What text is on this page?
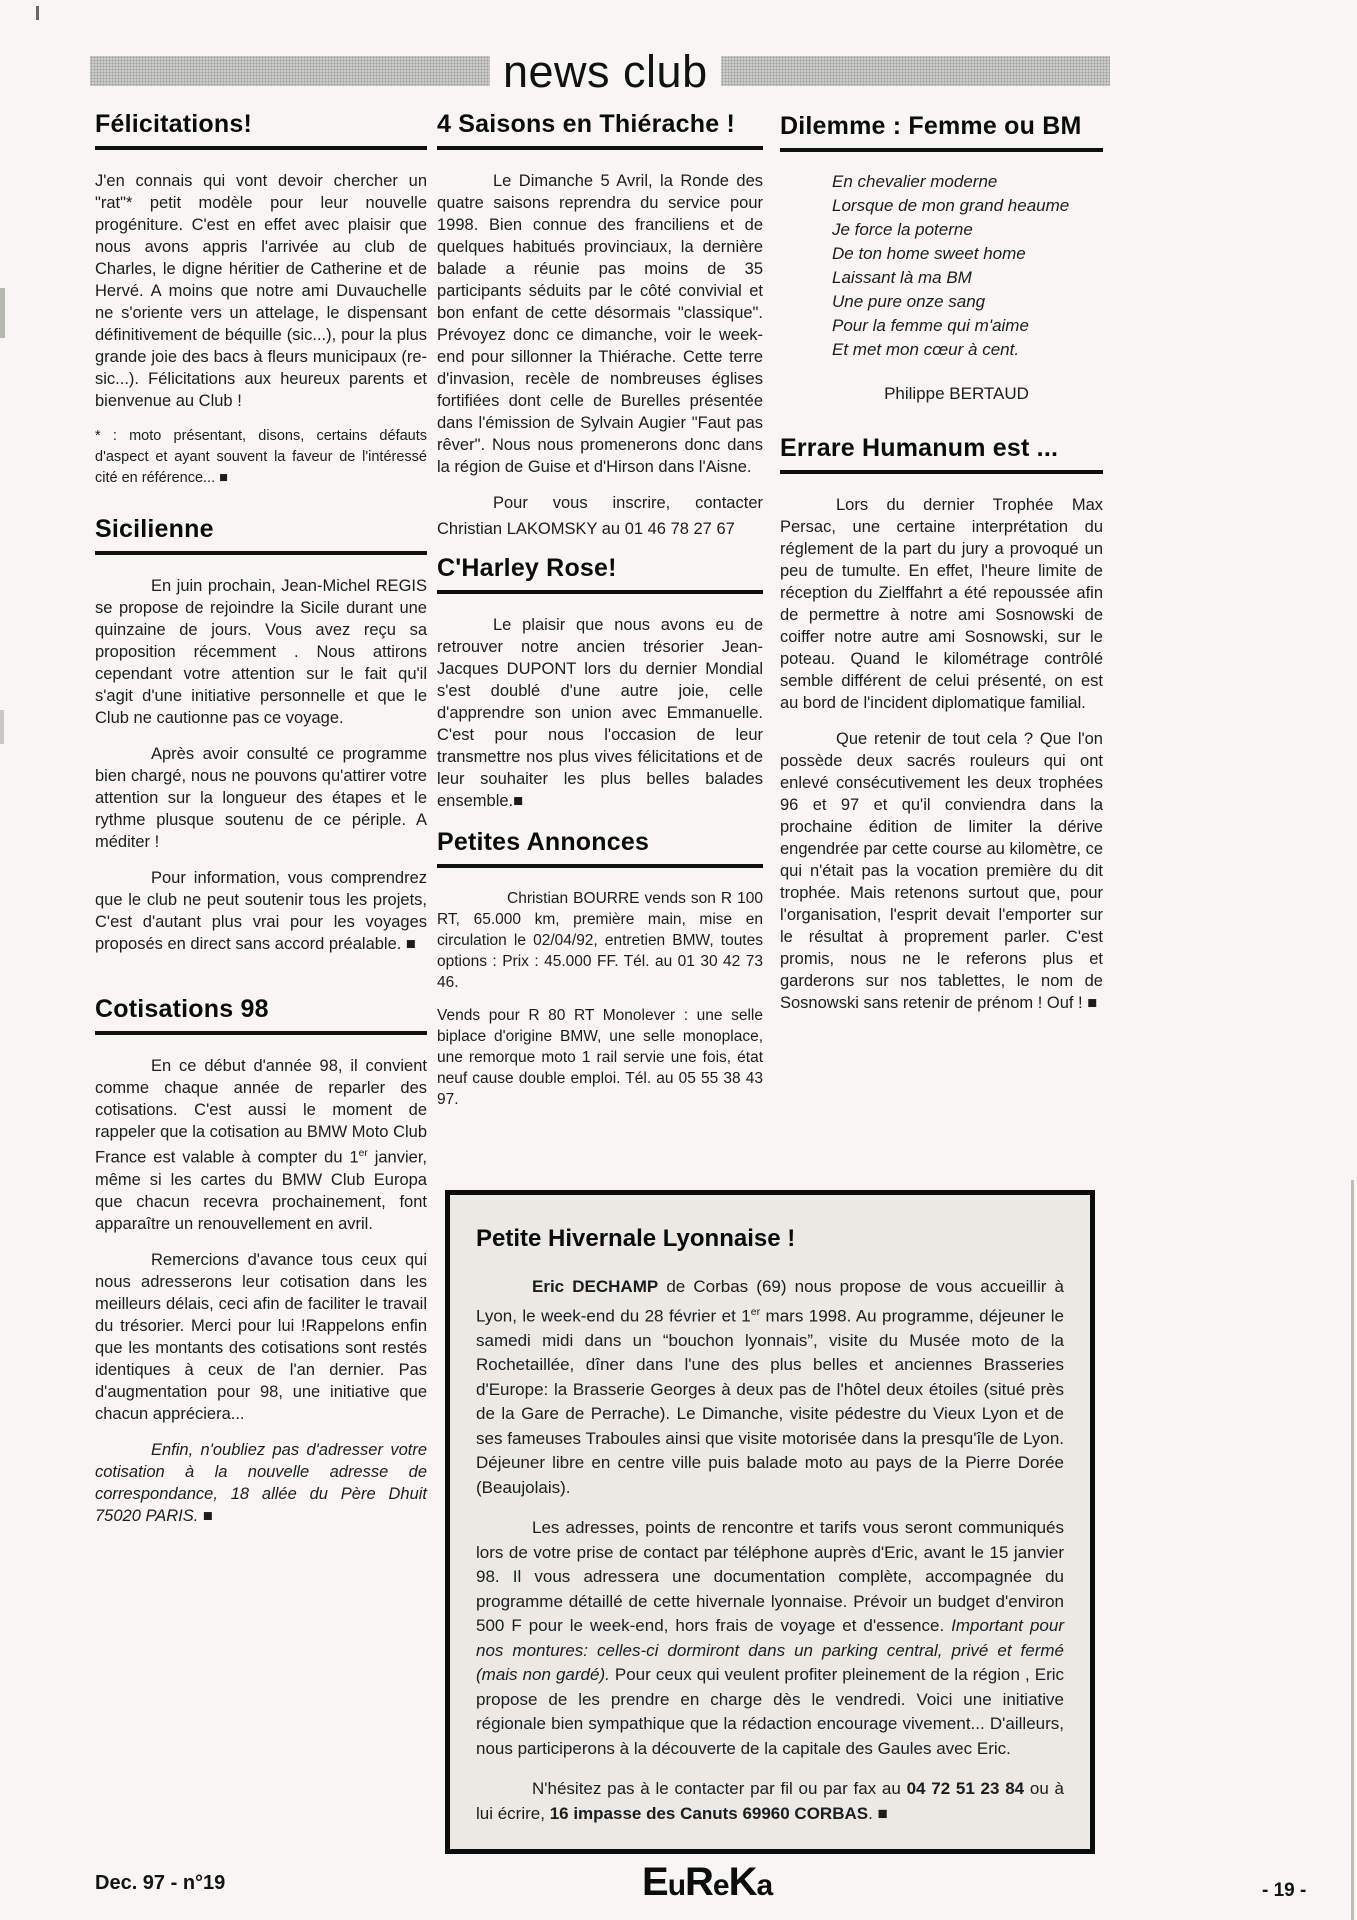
news club
Félicitations!

J'en connais qui vont devoir chercher un "rat"* petit modèle pour leur nouvelle progéniture. C'est en effet avec plaisir que nous avons appris l'arrivée au club de Charles, le digne héritier de Catherine et de Hervé. A moins que notre ami Duvauchelle ne s'oriente vers un attelage, le dispensant définitivement de béquille (sic...), pour la plus grande joie des bacs à fleurs municipaux (re-sic...). Félicitations aux heureux parents et bienvenue au Club !

* : moto présentant, disons, certains défauts d'aspect et ayant souvent la faveur de l'intéressé cité en référence... ■

Sicilienne

En juin prochain, Jean-Michel REGIS se propose de rejoindre la Sicile durant une quinzaine de jours. Vous avez reçu sa proposition récemment . Nous attirons cependant votre attention sur le fait qu'il s'agit d'une initiative personnelle et que le Club ne cautionne pas ce voyage.

Après avoir consulté ce programme bien chargé, nous ne pouvons qu'attirer votre attention sur la longueur des étapes et le rythme plusque soutenu de ce périple. A méditer !

Pour information, vous comprendrez que le club ne peut soutenir tous les projets, C'est d'autant plus vrai pour les voyages proposés en direct sans accord préalable. ■

Cotisations 98

En ce début d'année 98, il convient comme chaque année de reparler des cotisations. C'est aussi le moment de rappeler que la cotisation au BMW Moto Club France est valable à compter du 1er janvier, même si les cartes du BMW Club Europa que chacun recevra prochainement, font apparaître un renouvellement en avril.

Remercions d'avance tous ceux qui nous adresserons leur cotisation dans les meilleurs délais, ceci afin de faciliter le travail du trésorier. Merci pour lui !Rappelons enfin que les montants des cotisations sont restés identiques à ceux de l'an dernier. Pas d'augmentation pour 98, une initiative que chacun appréciera...

Enfin, n'oubliez pas d'adresser votre cotisation à la nouvelle adresse de correspondance, 18 allée du Père Dhuit 75020 PARIS. ■

4 Saisons en Thiérache !

Le Dimanche 5 Avril, la Ronde des quatre saisons reprendra du service pour 1998. Bien connue des franciliens et de quelques habitués provinciaux, la dernière balade a réunie pas moins de 35 participants séduits par le côté convivial et bon enfant de cette désormais "classique". Prévoyez donc ce dimanche, voir le week-end pour sillonner la Thiérache. Cette terre d'invasion, recèle de nombreuses églises fortifiées dont celle de Burelles présentée dans l'émission de Sylvain Augier "Faut pas rêver". Nous nous promenerons donc dans la région de Guise et d'Hirson dans l'Aisne.

Pour vous inscrire, contacter

Christian LAKOMSKY au 01 46 78 27 67

C'Harley Rose!

Le plaisir que nous avons eu de retrouver notre ancien trésorier Jean-Jacques DUPONT lors du dernier Mondial s'est doublé d'une autre joie, celle d'apprendre son union avec Emmanuelle. C'est pour nous l'occasion de leur transmettre nos plus vives félicitations et de leur souhaiter les plus belles balades ensemble.■

Petites Annonces

Christian BOURRE vends son R 100 RT, 65.000 km, première main, mise en circulation le 02/04/92, entretien BMW, toutes options : Prix : 45.000 FF. Tél. au 01 30 42 73 46.

Vends pour R 80 RT Monolever : une selle biplace d'origine BMW, une selle monoplace, une remorque moto 1 rail servie une fois, état neuf cause double emploi. Tél. au 05 55 38 43 97.

Dilemme : Femme ou BM
En chevalier moderne
Lorsque de mon grand heaume
Je force la poterne
De ton home sweet home
Laissant là ma BM
Une pure onze sang
Pour la femme qui m'aime
Et met mon cœur à cent.
Philippe BERTAUD
Errare Humanum est ...

Lors du dernier Trophée Max Persac, une certaine interprétation du réglement de la part du jury a provoqué un peu de tumulte. En effet, l'heure limite de réception du Zielffahrt a été repoussée afin de permettre à notre ami Sosnowski de coiffer notre autre ami Sosnowski, sur le poteau. Quand le kilométrage contrôlé semble différent de celui présenté, on est au bord de l'incident diplomatique familial.

Que retenir de tout cela ? Que l'on possède deux sacrés rouleurs qui ont enlevé consécutivement les deux trophées 96 et 97 et qu'il conviendra dans la prochaine édition de limiter la dérive engendrée par cette course au kilomètre, ce qui n'était pas la vocation première du dit trophée. Mais retenons surtout que, pour l'organisation, l'esprit devait l'emporter sur le résultat à proprement parler. C'est promis, nous ne le referons plus et garderons sur nos tablettes, le nom de Sosnowski sans retenir de prénom ! Ouf ! ■

Petite Hivernale Lyonnaise !

Eric DECHAMP de Corbas (69) nous propose de vous accueillir à Lyon, le week-end du 28 février et 1er mars 1998. Au programme, déjeuner le samedi midi dans un “bouchon lyonnais”, visite du Musée moto de la Rochetaillée, dîner dans l'une des plus belles et anciennes Brasseries d'Europe: la Brasserie Georges à deux pas de l'hôtel deux étoiles (situé près de la Gare de Perrache). Le Dimanche, visite pédestre du Vieux Lyon et de ses fameuses Traboules ainsi que visite motorisée dans la presqu'île de Lyon. Déjeuner libre en centre ville puis balade moto au pays de la Pierre Dorée (Beaujolais).

Les adresses, points de rencontre et tarifs vous seront communiqués lors de votre prise de contact par téléphone auprès d'Eric, avant le 15 janvier 98. Il vous adressera une documentation complète, accompagnée du programme détaillé de cette hivernale lyonnaise. Prévoir un budget d'environ 500 F pour le week-end, hors frais de voyage et d'essence. Important pour nos montures: celles-ci dormiront dans un parking central, privé et fermé (mais non gardé). Pour ceux qui veulent profiter pleinement de la région , Eric propose de les prendre en charge dès le vendredi. Voici une initiative régionale bien sympathique que la rédaction encourage vivement... D'ailleurs, nous participerons à la découverte de la capitale des Gaules avec Eric.

N'hésitez pas à le contacter par fil ou par fax au 04 72 51 23 84 ou à lui écrire, 16 impasse des Canuts 69960 CORBAS. ■

Dec. 97 - n°19	EuReKa	- 19 -
